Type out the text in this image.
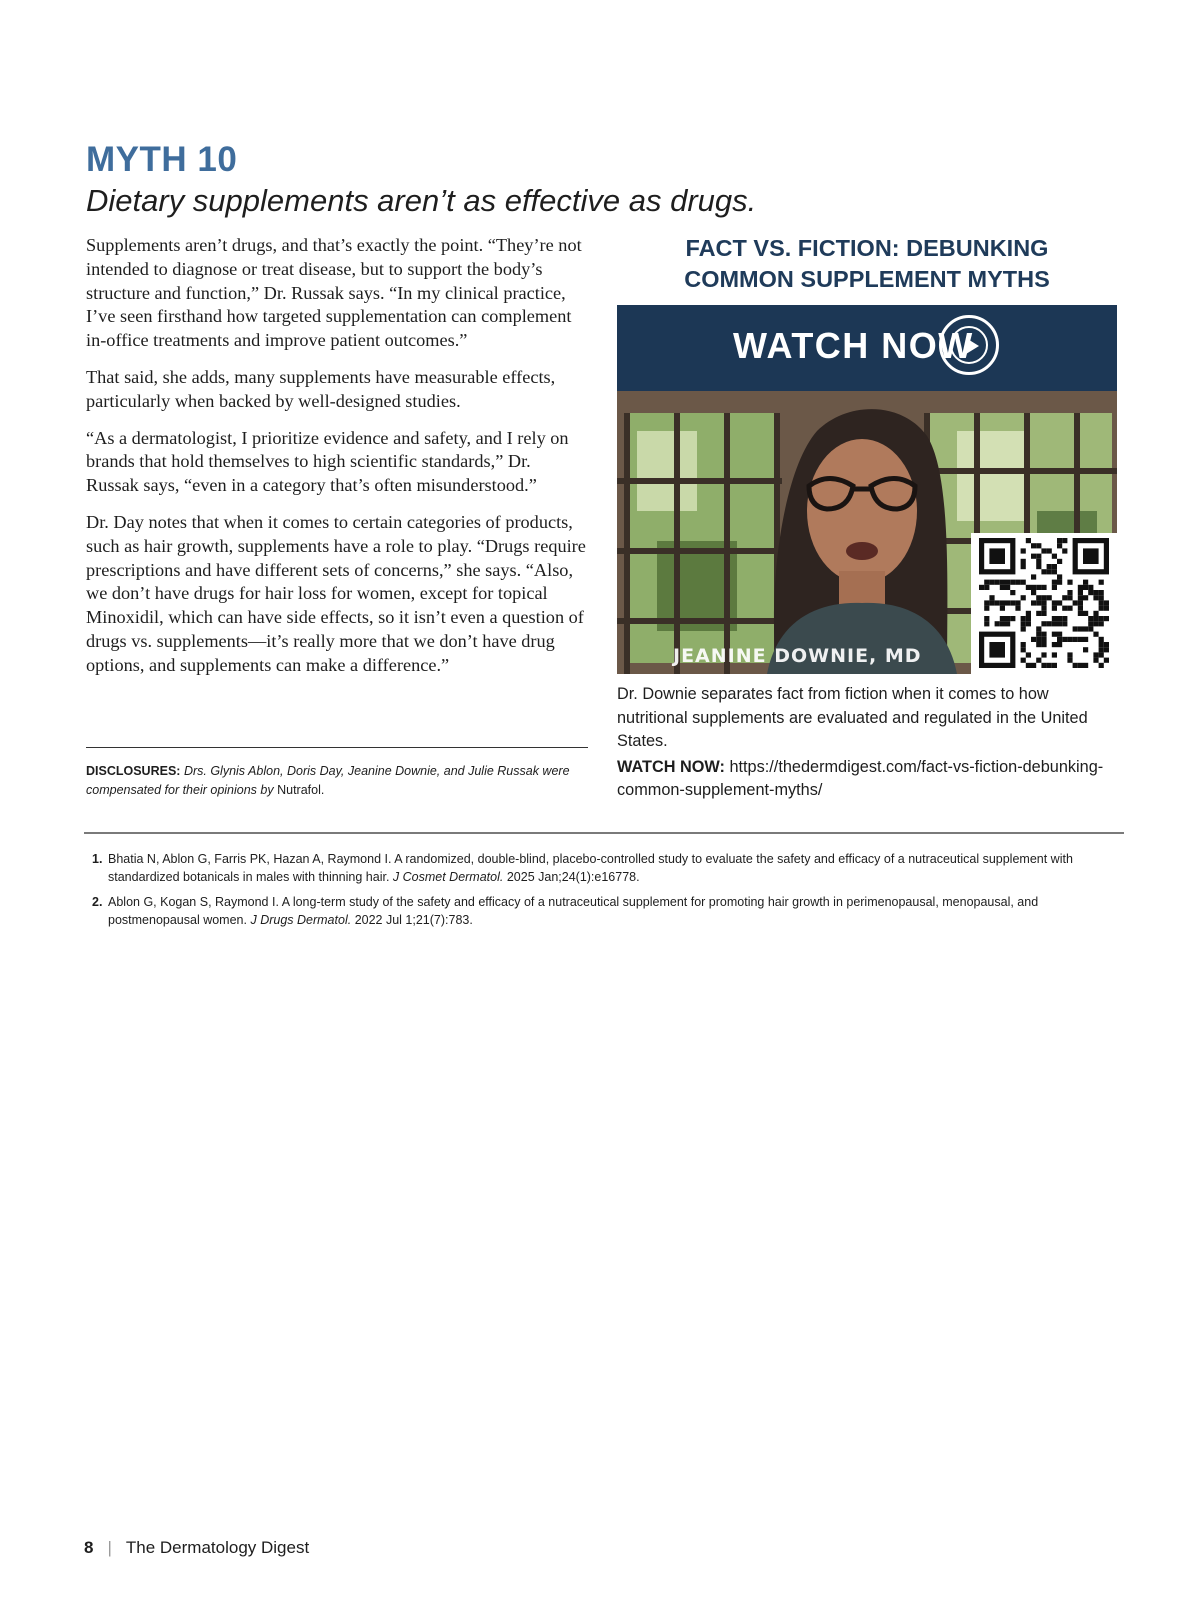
MYTH 10
Dietary supplements aren’t as effective as drugs.

Supplements aren’t drugs, and that’s exactly the point. “They’re not intended to diagnose or treat disease, but to support the body’s structure and function,” Dr. Russak says. “In my clinical practice, I’ve seen firsthand how targeted supplementation can complement in-office treatments and improve patient outcomes.”

That said, she adds, many supplements have measurable effects, particularly when backed by well-designed studies.

“As a dermatologist, I prioritize evidence and safety, and I rely on brands that hold themselves to high scientific standards,” Dr. Russak says, “even in a category that’s often misunderstood.”

Dr. Day notes that when it comes to certain categories of products, such as hair growth, supplements have a role to play. “Drugs require prescriptions and have different sets of concerns,” she says. “Also, we don’t have drugs for hair loss for women, except for topical Minoxidil, which can have side effects, so it isn’t even a question of drugs vs. supplements—it’s really more that we don’t have drug options, and supplements can make a difference.”

DISCLOSURES: Drs. Glynis Ablon, Doris Day, Jeanine Downie, and Julie Russak were compensated for their opinions by Nutrafol.
FACT VS. FICTION: DEBUNKING
COMMON SUPPLEMENT MYTHS
WATCH NOW
JEANINE DOWNIE, MD
Dr. Downie separates fact from fiction when it comes to how nutritional supplements are evaluated and regulated in the United States.
WATCH NOW: https://thedermdigest.com/fact-vs-fiction-debunking-common-supplement-myths/
1. Bhatia N, Ablon G, Farris PK, Hazan A, Raymond I. A randomized, double-blind, placebo-controlled study to evaluate the safety and efficacy of a nutraceutical supplement with standardized botanicals in males with thinning hair. J Cosmet Dermatol. 2025 Jan;24(1):e16778.
2. Ablon G, Kogan S, Raymond I. A long-term study of the safety and efficacy of a nutraceutical supplement for promoting hair growth in perimenopausal, menopausal, and postmenopausal women. J Drugs Dermatol. 2022 Jul 1;21(7):783.
8 | The Dermatology Digest
